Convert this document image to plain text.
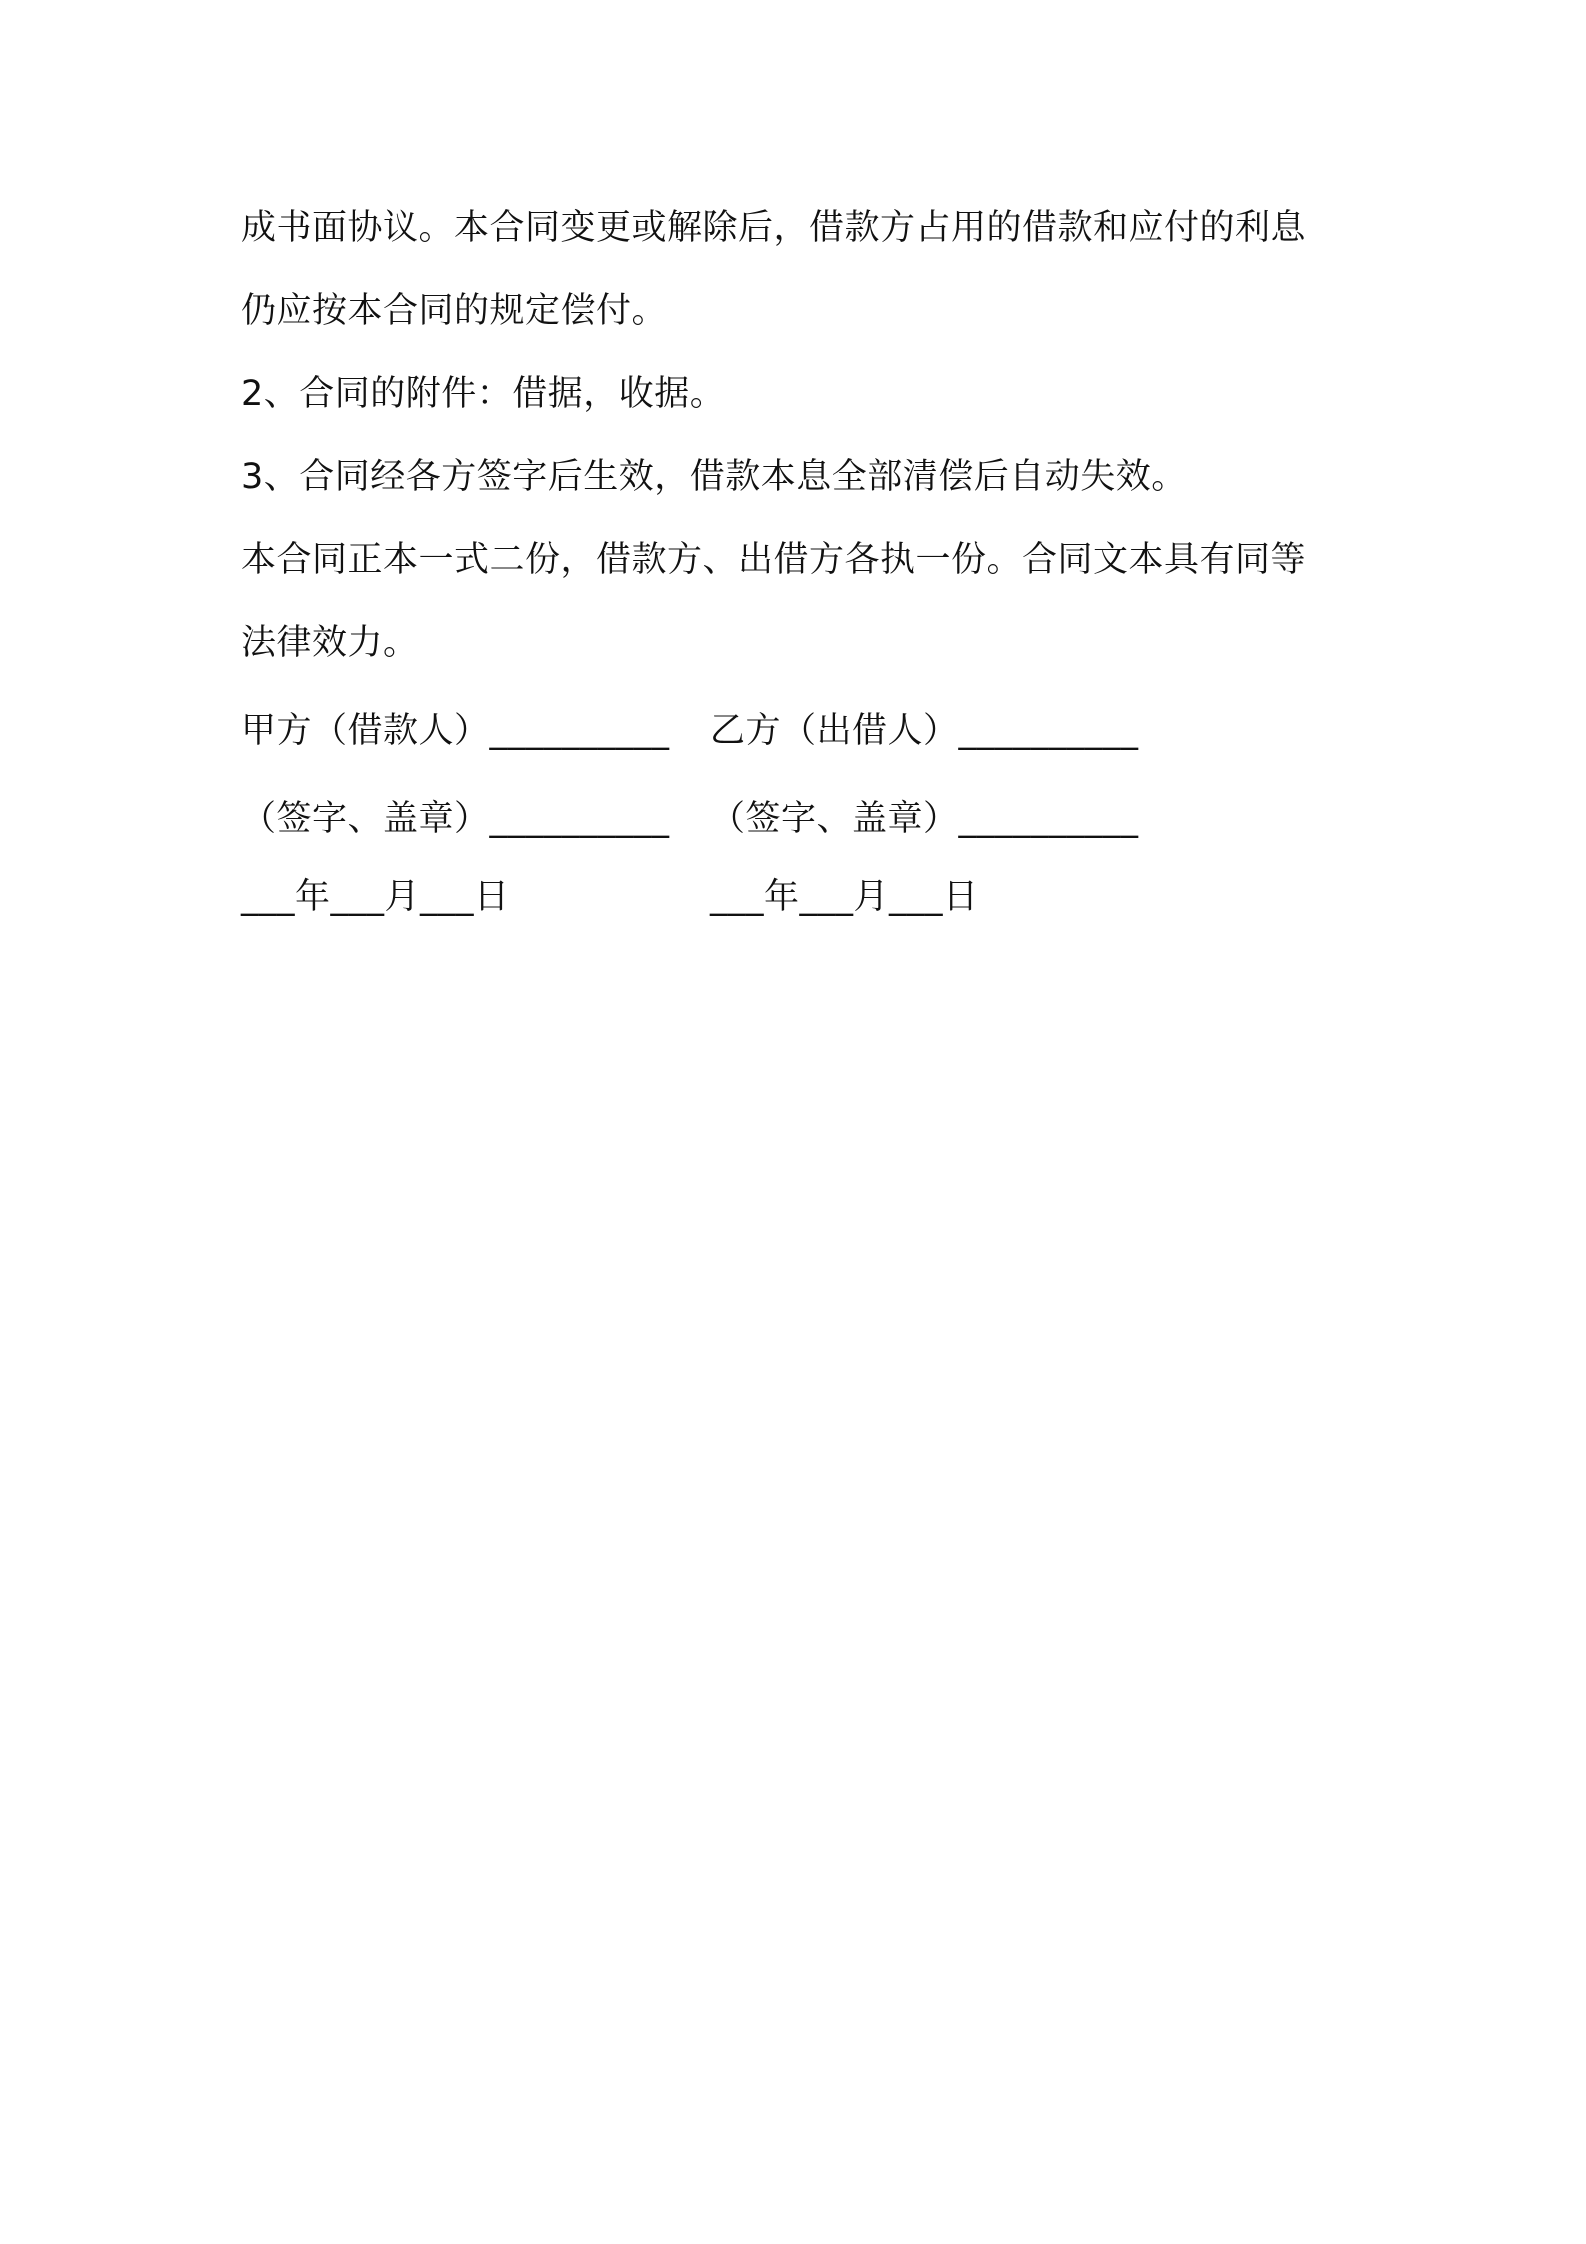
成书面协议。本合同变更或解除后，借款方占用的借款和应付的利息
仍应按本合同的规定偿付。
2、合同的附件：借据，收据。
3、合同经各方签字后生效，借款本息全部清偿后自动失效。
本合同正本一式二份，借款方、出借方各执一份。合同文本具有同等
法律效力。
甲方（借款人）__________ 乙方（出借人）__________
（签字、盖章）__________ （签字、盖章）__________
___年___月___日	___年___月___日
